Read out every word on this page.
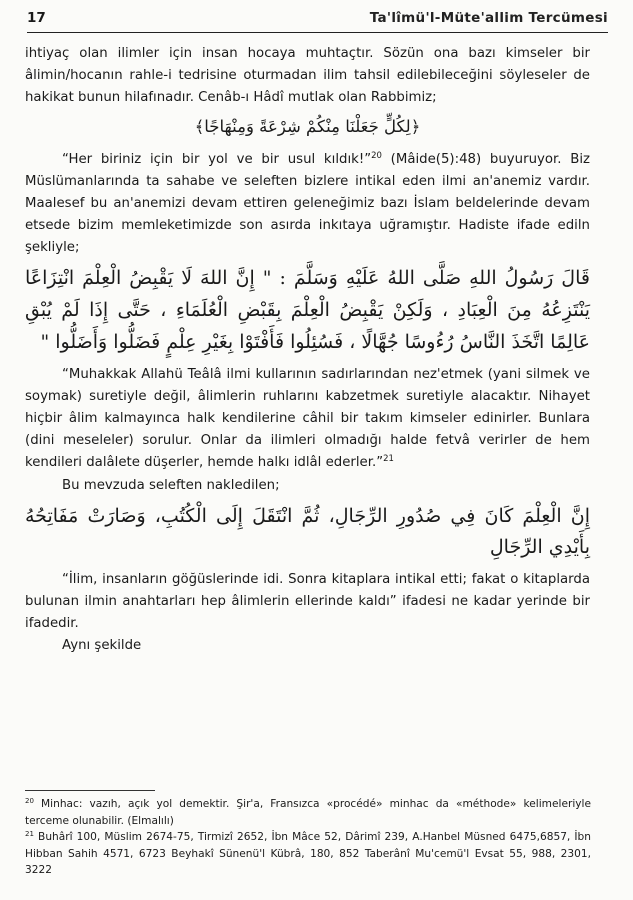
17	Ta'lîmü'l-Müte'allim Tercümesi

ihtiyaç olan ilimler için insan hocaya muhtaçtır. Sözün ona bazı kimseler bir âlimin/hocanın rahle-i tedrisine oturmadan ilim tahsil edilebileceğini söyleseler de hakikat bunun hilafınadır. Cenâb-ı Hâdî mutlak olan Rabbimiz;

﴿لِكُلٍّ جَعَلْنَا مِنْكُمْ شِرْعَةً وَمِنْهَاجًا﴾

“Her biriniz için bir yol ve bir usul kıldık!”$^{20}$ (Mâide(5):48) buyuruyor. Biz Müslümanlarında ta sahabe ve seleften bizlere intikal eden ilmi an'anemiz vardır. Maalesef bu an'anemizi devam ettiren geleneğimiz bazı İslam beldelerinde devam etsede bizim memleketimizde son asırda inkıtaya uğramıştır. Hadiste ifade ediln şekliyle;

قَالَ رَسُولُ اللهِ صَلَّى اللهُ عَلَيْهِ وَسَلَّمَ : " إِنَّ اللهَ لَا يَقْبِضُ الْعِلْمَ انْتِزَاعًا يَنْتَزِعُهُ مِنَ الْعِبَادِ ، وَلَكِنْ يَقْبِضُ الْعِلْمَ بِقَبْضِ الْعُلَمَاءِ ، حَتَّى إِذَا لَمْ يُبْقِ عَالِمًا اتَّخَذَ النَّاسُ رُءُوسًا جُهَّالًا ، فَسُئِلُوا فَأَفْتَوْا بِغَيْرِ عِلْمٍ فَضَلُّوا وَأَضَلُّوا "

“Muhakkak Allahü Teâlâ ilmi kullarının sadırlarından nez'etmek (yani silmek ve soymak) suretiyle değil, âlimlerin ruhlarını kabzetmek suretiyle alacaktır. Nihayet hiçbir âlim kalmayınca halk kendilerine câhil bir takım kimseler edinirler. Bunlara (dini meseleler) sorulur. Onlar da ilimleri olmadığı halde fetvâ verirler de hem kendileri dalâlete düşerler, hemde halkı idlâl ederler.”$^{21}$

Bu mevzuda seleften nakledilen;

إِنَّ الْعِلْمَ كَانَ فِي صُدُورِ الرِّجَالِ، ثُمَّ انْتَقَلَ إِلَى الْكُتُبِ، وَصَارَتْ مَفَاتِحُهُ بِأَيْدِي الرِّجَالِ

“İlim, insanların göğüslerinde idi. Sonra kitaplara intikal etti; fakat o kitaplarda bulunan ilmin anahtarları hep âlimlerin ellerinde kaldı” ifadesi ne kadar yerinde bir ifadedir.

Aynı şekilde

$^{20}$ Minhac: vazıh, açık yol demektir. Şir'a, Fransızca «procédé» minhac da «méthode» kelimeleriyle terceme olunabilir. (Elmalılı)
$^{21}$ Buhârî 100, Müslim 2674-75, Tirmizî 2652, İbn Mâce 52, Dârimî 239, A.Hanbel Müsned 6475,6857, İbn Hibban Sahih 4571, 6723 Beyhakî Sünenü'l Kübrâ, 180, 852 Taberânî Mu'cemü'l Evsat 55, 988, 2301, 3222
